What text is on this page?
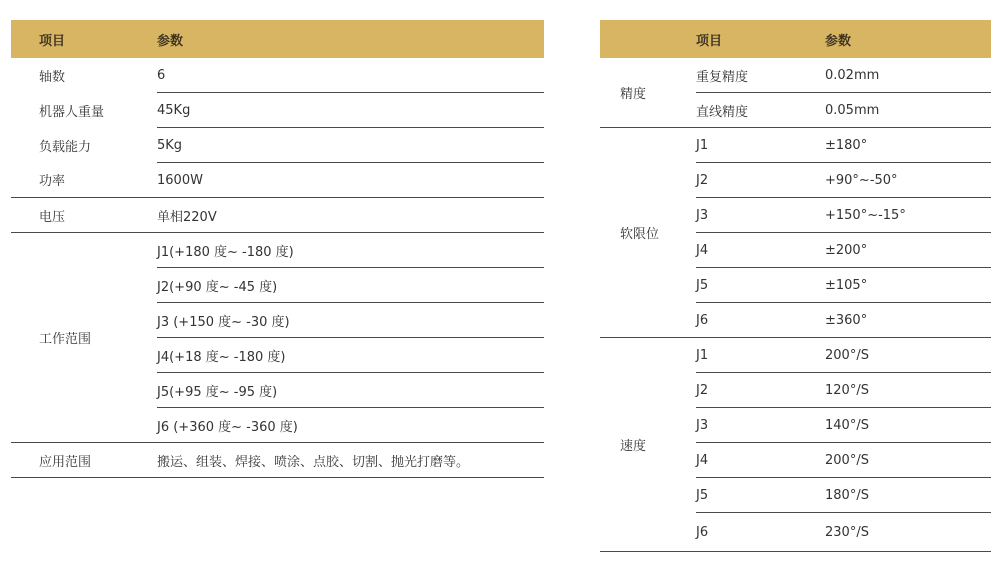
项目	参数
轴数	6
机器人重量	45Kg
负载能力	5Kg
功率	1600W
电压	单相220V
工作范围	J1(+180 度~ -180 度)
	J2(+90 度~ -45 度)
	J3 (+150 度~ -30 度)
	J4(+18 度~ -180 度)
	J5(+95 度~ -95 度)
	J6 (+360 度~ -360 度)
应用范围	搬运、组装、焊接、喷涂、点胶、切割、抛光打磨等。
	项目	参数
精度	重复精度	0.02mm
	直线精度	0.05mm
软限位	J1	±180°
	J2	+90°~-50°
	J3	+150°~-15°
	J4	±200°
	J5	±105°
	J6	±360°
速度	J1	200°/S
	J2	120°/S
	J3	140°/S
	J4	200°/S
	J5	180°/S
	J6	230°/S
